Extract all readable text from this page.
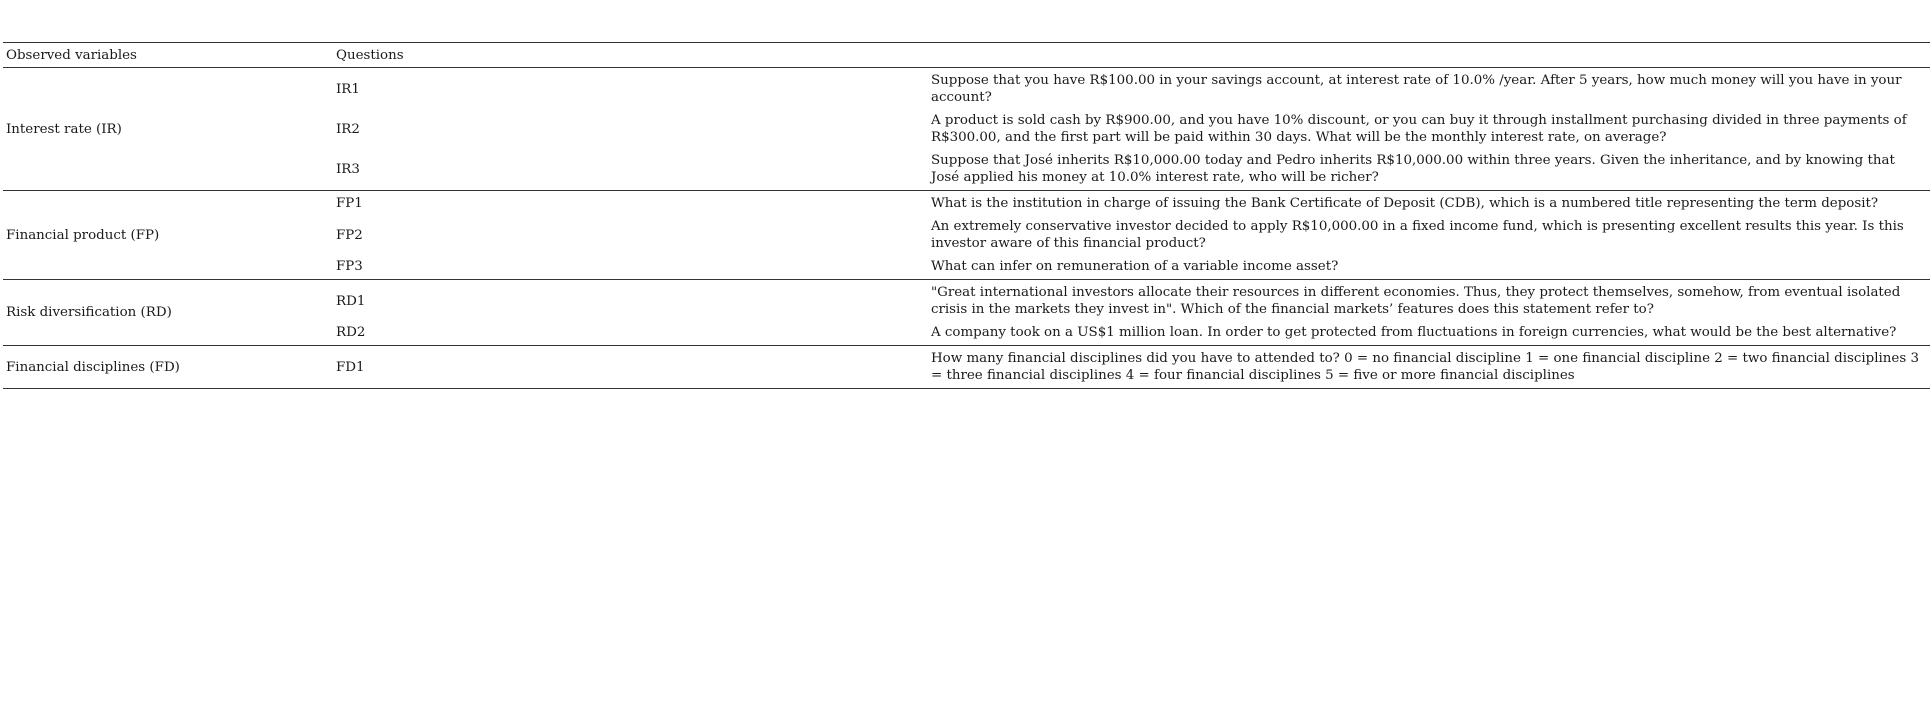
Observed variables	Questions	
Interest rate (IR)	IR1	Suppose that you have R$100.00 in your savings account, at interest rate of 10.0% /year. After 5 years, how much money will you have in your account?
	IR2	A product is sold cash by R$900.00, and you have 10% discount, or you can buy it through installment purchasing divided in three payments of R$300.00, and the first part will be paid within 30 days. What will be the monthly interest rate, on average?
	IR3	Suppose that José inherits R$10,000.00 today and Pedro inherits R$10,000.00 within three years. Given the inheritance, and by knowing that José applied his money at 10.0% interest rate, who will be richer?
Financial product (FP)	FP1	What is the institution in charge of issuing the Bank Certificate of Deposit (CDB), which is a numbered title representing the term deposit?
	FP2	An extremely conservative investor decided to apply R$10,000.00 in a fixed income fund, which is presenting excellent results this year. Is this investor aware of this financial product?
	FP3	What can infer on remuneration of a variable income asset?
Risk diversification (RD)	RD1	"Great international investors allocate their resources in different economies. Thus, they protect themselves, somehow, from eventual isolated crisis in the markets they invest in". Which of the financial markets’ features does this statement refer to?
	RD2	A company took on a US$1 million loan. In order to get protected from fluctuations in foreign currencies, what would be the best alternative?
Financial disciplines (FD)	FD1	How many financial disciplines did you have to attended to? 0 = no financial discipline 1 = one financial discipline 2 = two financial disciplines 3 = three financial disciplines 4 = four financial disciplines 5 = five or more financial disciplines
